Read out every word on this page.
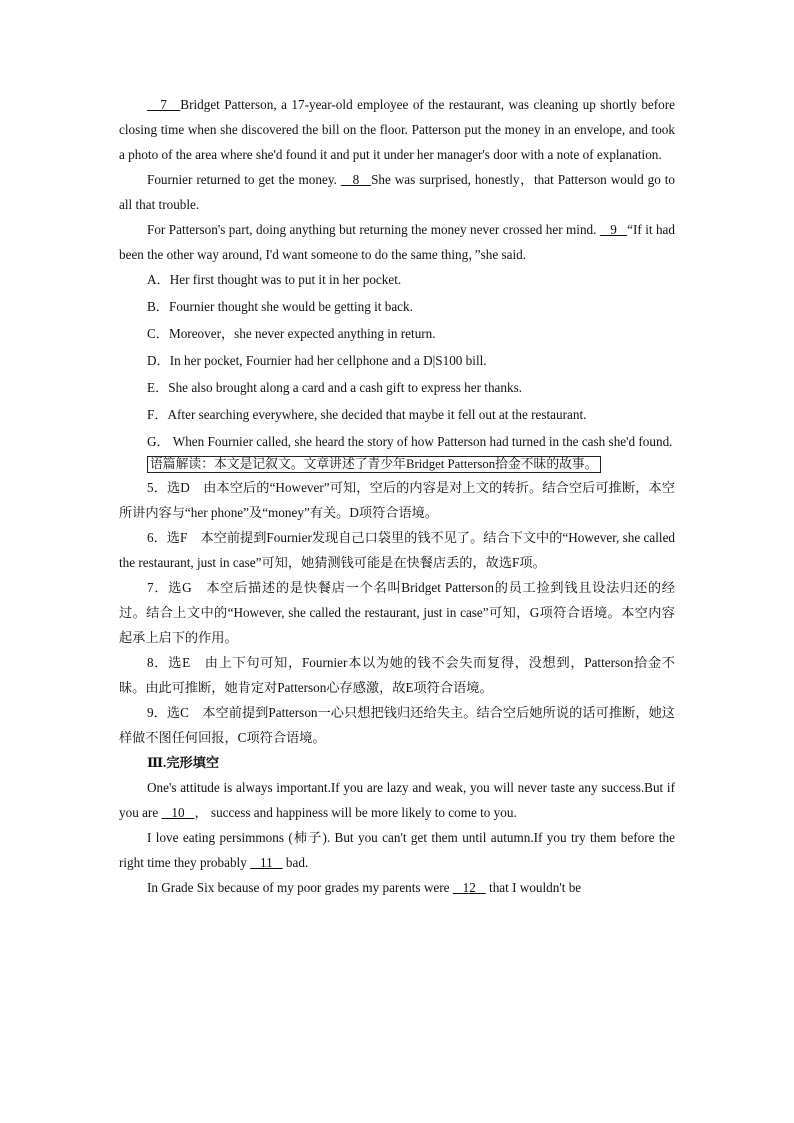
7   Bridget Patterson, a 17-year-old employee of the restaurant, was cleaning up shortly before closing time when she discovered the bill on the floor. Patterson put the money in an envelope, and took a photo of the area where she'd found it and put it under her manager's door with a note of explanation.

Fournier returned to get the money.    8   She was surprised, honestly，that Patterson would go to all that trouble.

For Patterson's part, doing anything but returning the money never crossed her mind.    9   “If it had been the other way around, I'd want someone to do the same thing，”she said.

A．Her first thought was to put it in her pocket.

B．Fournier thought she would be getting it back.

C．Moreover，she never expected anything in return.

D．In her pocket, Fournier had her cellphone and a D|S100 bill.

E．She also brought along a card and a cash gift to express her thanks.

F．After searching everywhere, she decided that maybe it fell out at the restaurant.

G． When Fournier called, she heard the story of how Patterson had turned in the cash she'd found.

语篇解读：本文是记叙文。文章讲述了青少年Bridget Patterson拾金不昧的故事。

5．选D　由本空后的“However”可知，空后的内容是对上文的转折。结合空后可推断，本空所讲内容与“her phone”及“money”有关。D项符合语境。

6．选F　本空前提到Fournier发现自己口袋里的钱不见了。结合下文中的“However, she called the restaurant, just in case”可知，她猜测钱可能是在快餐店丢的，故选F项。

7．选G　本空后描述的是快餐店一个名叫Bridget Patterson的员工捡到钱且设法归还的经过。结合上文中的“However, she called the restaurant, just in case”可知，G项符合语境。本空内容起承上启下的作用。

8．选E　由上下句可知，Fournier本以为她的钱不会失而复得，没想到，Patterson拾金不昧。由此可推断，她肯定对Patterson心存感激，故E项符合语境。

9．选C　本空前提到Patterson一心只想把钱归还给失主。结合空后她所说的话可推断，她这样做不图任何回报，C项符合语境。

Ⅲ.完形填空

One's attitude is always important.If you are lazy and weak, you will never taste any success.But if you are    10   ， success and happiness will be more likely to come to you.

I love eating persimmons (柿子). But you can't get them until autumn.If you try them before the right time they probably    11    bad.

In Grade Six because of my poor grades my parents were    12    that I wouldn't be
